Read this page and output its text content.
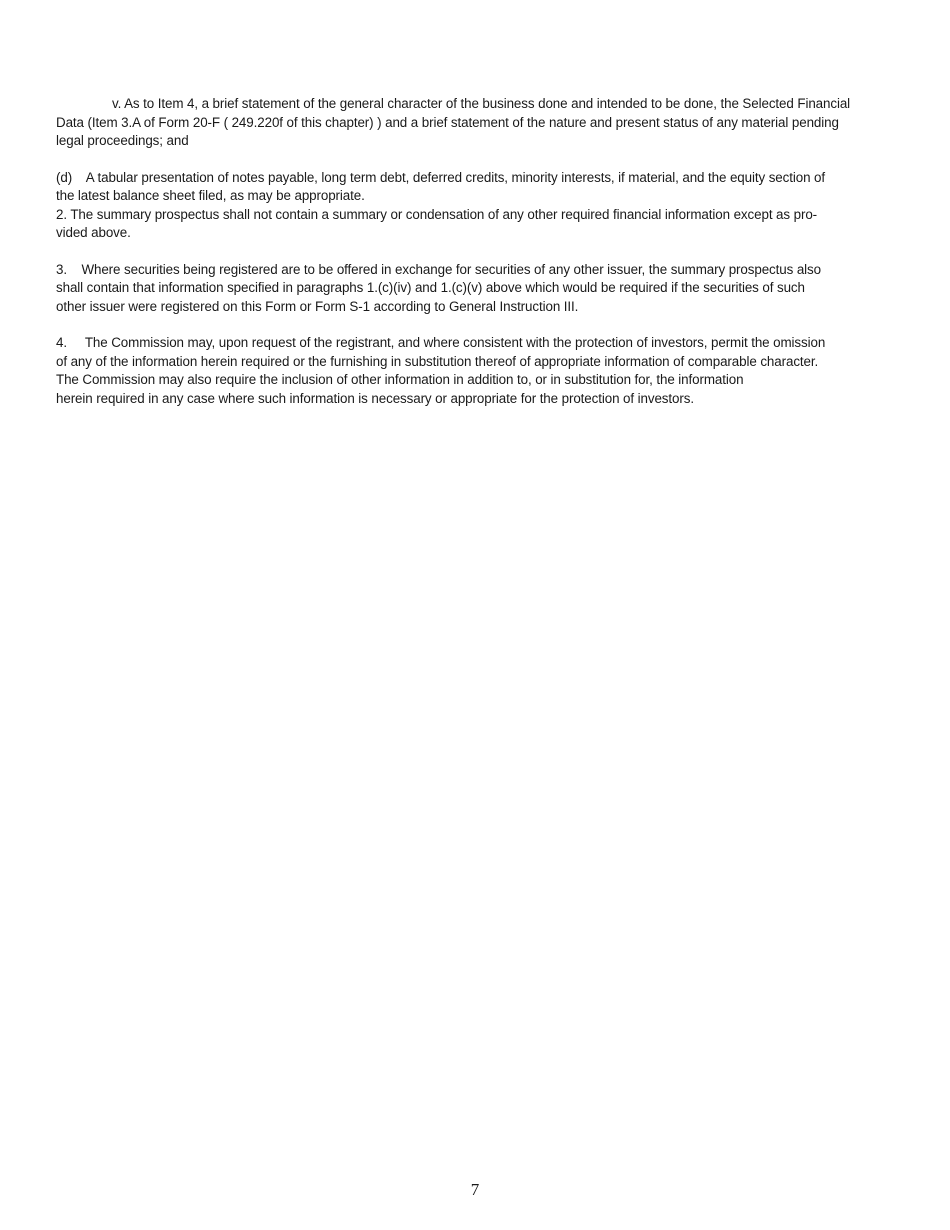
v. As to Item 4, a brief statement of the general character of the business done and intended to be done, the Selected Financial
Data (Item 3.A of Form 20-F ( 249.220f of this chapter) ) and a brief statement of the nature and present status of any material pending
legal proceedings; and

(d)    A tabular presentation of notes payable, long term debt, deferred credits, minority interests, if material, and the equity section of
the latest balance sheet filed, as may be appropriate.

2. The summary prospectus shall not contain a summary or condensation of any other required financial information except as pro-
vided above.

3.    Where securities being registered are to be offered in exchange for securities of any other issuer, the summary prospectus also
shall contain that information specified in paragraphs 1.(c)(iv) and 1.(c)(v) above which would be required if the securities of such
other issuer were registered on this Form or Form S-1 according to General Instruction III.

4.     The Commission may, upon request of the registrant, and where consistent with the protection of investors, permit the omission
of any of the information herein required or the furnishing in substitution thereof of appropriate information of comparable character.
The Commission may also require the inclusion of other information in addition to, or in substitution for, the information
herein required in any case where such information is necessary or appropriate for the protection of investors.

7
